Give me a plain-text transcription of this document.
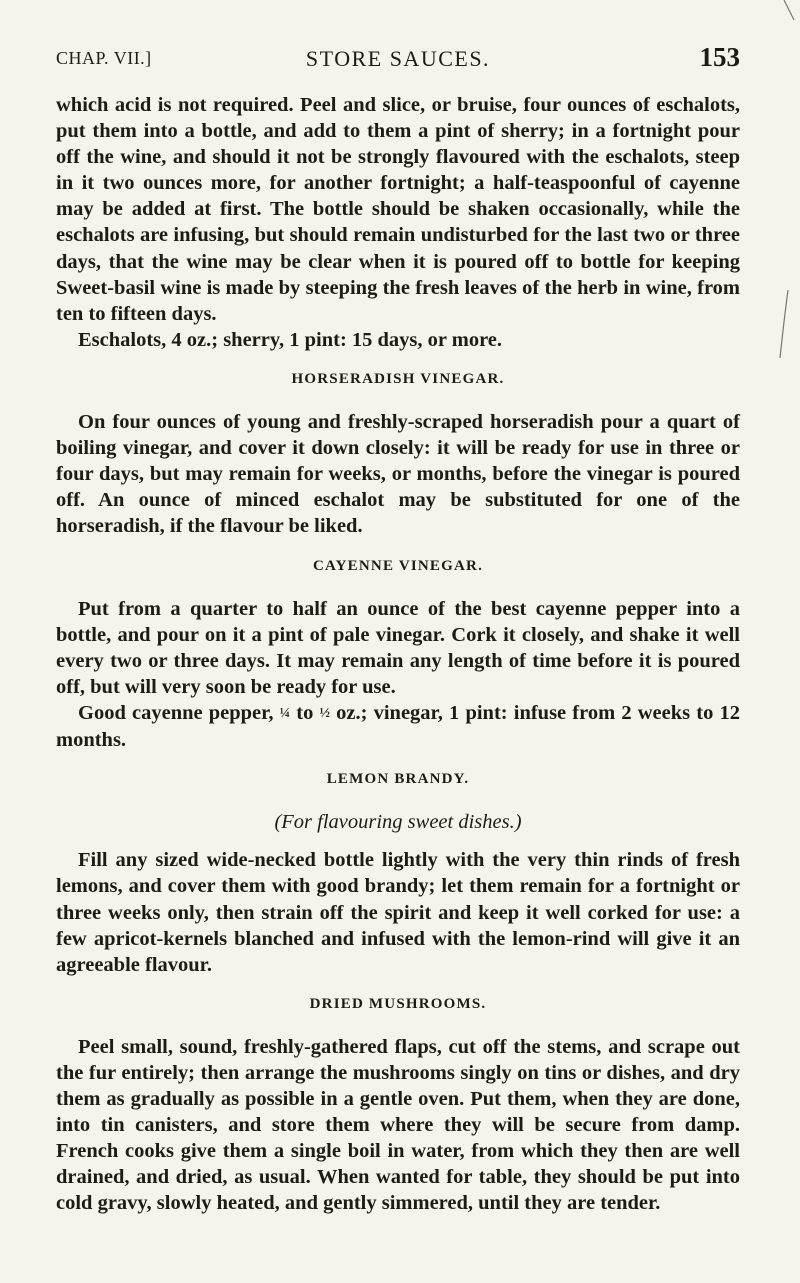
CHAP. VII.]	STORE SAUCES.	153

which acid is not required. Peel and slice, or bruise, four ounces of eschalots, put them into a bottle, and add to them a pint of sherry; in a fortnight pour off the wine, and should it not be strongly flavoured with the eschalots, steep in it two ounces more, for another fortnight; a half-teaspoonful of cayenne may be added at first. The bottle should be shaken occasionally, while the eschalots are infusing, but should remain undisturbed for the last two or three days, that the wine may be clear when it is poured off to bottle for keeping Sweet-basil wine is made by steeping the fresh leaves of the herb in wine, from ten to fifteen days.

Eschalots, 4 oz.; sherry, 1 pint: 15 days, or more.

HORSERADISH VINEGAR.

On four ounces of young and freshly-scraped horseradish pour a quart of boiling vinegar, and cover it down closely: it will be ready for use in three or four days, but may remain for weeks, or months, before the vinegar is poured off. An ounce of minced eschalot may be substituted for one of the horseradish, if the flavour be liked.

CAYENNE VINEGAR.

Put from a quarter to half an ounce of the best cayenne pepper into a bottle, and pour on it a pint of pale vinegar. Cork it closely, and shake it well every two or three days. It may remain any length of time before it is poured off, but will very soon be ready for use.

Good cayenne pepper, ¼ to ½ oz.; vinegar, 1 pint: infuse from 2 weeks to 12 months.

LEMON BRANDY.
(For flavouring sweet dishes.)

Fill any sized wide-necked bottle lightly with the very thin rinds of fresh lemons, and cover them with good brandy; let them remain for a fortnight or three weeks only, then strain off the spirit and keep it well corked for use: a few apricot-kernels blanched and infused with the lemon-rind will give it an agreeable flavour.

DRIED MUSHROOMS.

Peel small, sound, freshly-gathered flaps, cut off the stems, and scrape out the fur entirely; then arrange the mushrooms singly on tins or dishes, and dry them as gradually as possible in a gentle oven. Put them, when they are done, into tin canisters, and store them where they will be secure from damp. French cooks give them a single boil in water, from which they then are well drained, and dried, as usual. When wanted for table, they should be put into cold gravy, slowly heated, and gently simmered, until they are tender.
